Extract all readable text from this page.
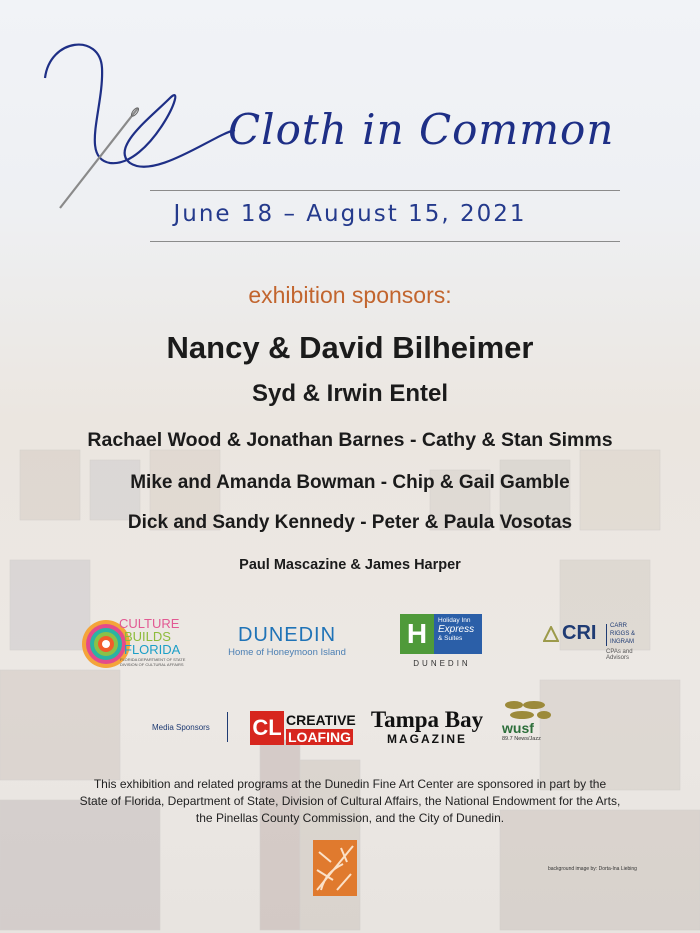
Cloth in Common
June 18 – August 15, 2021
exhibition sponsors:
Nancy & David Bilheimer
Syd & Irwin Entel
Rachael Wood & Jonathan Barnes - Cathy & Stan Simms
Mike and Amanda Bowman - Chip & Gail Gamble
Dick and Sandy Kennedy - Peter & Paula Vosotas
Paul Mascazine & James Harper
CULTURE
BUILDS
FLORIDA
FLORIDA DEPARTMENT OF STATE
DIVISION OF CULTURAL AFFAIRS
DUNEDIN
Home of Honeymoon Island
H	Holiday Inn
Express
& Suites
DUNEDIN
CRI CARR
RIGGS &
INGRAM
CPAs and Advisors
Media Sponsors CL CREATIVE
LOAFING
Tampa Bay
MAGAZINE
wusf
89.7 News/Jazz
This exhibition and related programs at the Dunedin Fine Art Center are sponsored in part by the
State of Florida, Department of State, Division of Cultural Affairs, the National Endowment for the Arts,
the Pinellas County Commission, and the City of Dunedin.
background image by: Dorta-Ina Liebing
